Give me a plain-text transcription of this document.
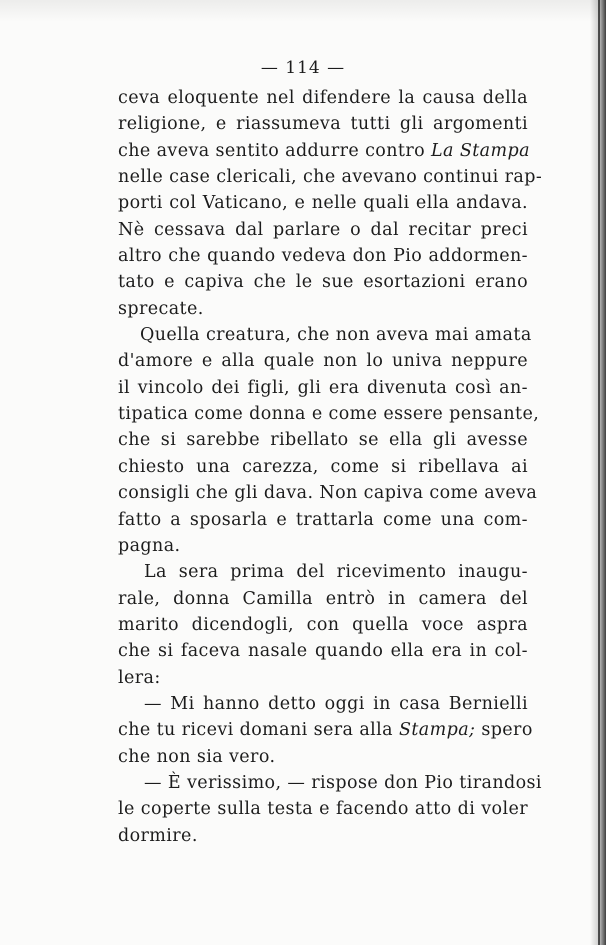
— 114 —
ceva eloquente nel difendere la causa della
religione, e riassumeva tutti gli argomenti
che aveva sentito addurre contro La Stampa
nelle case clericali, che avevano continui rap-
porti col Vaticano, e nelle quali ella andava.
Nè cessava dal parlare o dal recitar preci
altro che quando vedeva don Pio addormen-
tato e capiva che le sue esortazioni erano
sprecate.
Quella creatura, che non aveva mai amata
d'amore e alla quale non lo univa neppure
il vincolo dei figli, gli era divenuta così an-
tipatica come donna e come essere pensante,
che si sarebbe ribellato se ella gli avesse
chiesto una carezza, come si ribellava ai
consigli che gli dava. Non capiva come aveva
fatto a sposarla e trattarla come una com-
pagna.
La sera prima del ricevimento inaugu-
rale, donna Camilla entrò in camera del
marito dicendogli, con quella voce aspra
che si faceva nasale quando ella era in col-
lera:
— Mi hanno detto oggi in casa Bernielli
che tu ricevi domani sera alla Stampa; spero
che non sia vero.
— È verissimo, — rispose don Pio tirandosi
le coperte sulla testa e facendo atto di voler
dormire.
